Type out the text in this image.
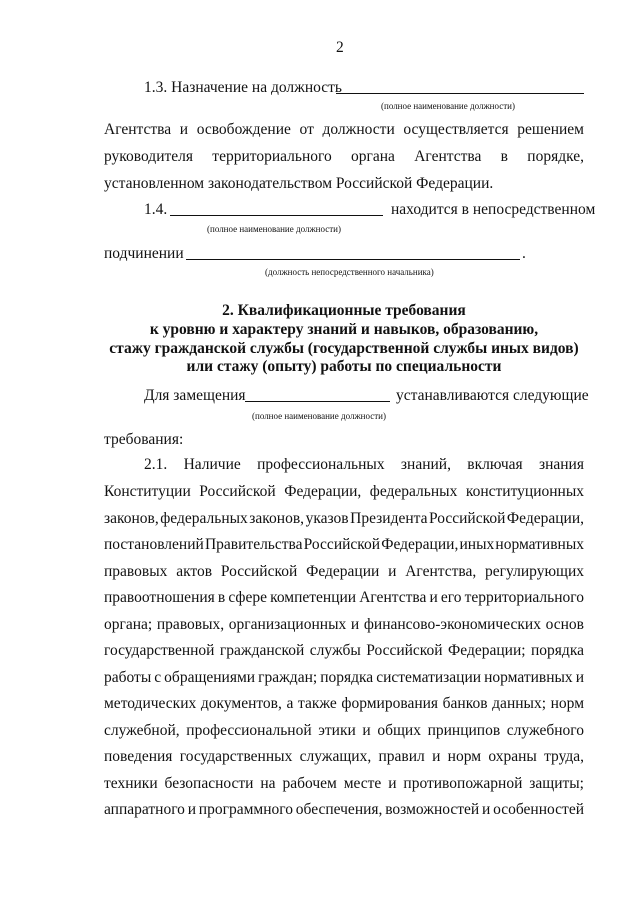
2
1.3. Назначение на должность
(полное наименование должности)
Агентства и освобождение от должности осуществляется решением
руководителя территориального органа Агентства в порядке,
установленном законодательством Российской Федерации.
1.4.	находится в непосредственном
(полное наименование должности)
подчинении	.
(должность непосредственного начальника)
2. Квалификационные требования
к уровню и характеру знаний и навыков, образованию,
стажу гражданской службы (государственной службы иных видов)
или стажу (опыту) работы по специальности
Для замещения	устанавливаются следующие
(полное наименование должности)
требования:
2.1. Наличие профессиональных знаний, включая знания
Конституции Российской Федерации, федеральных конституционных
законов, федеральных законов, указов Президента Российской Федерации,
постановлений Правительства Российской Федерации, иных нормативных
правовых актов Российской Федерации и Агентства, регулирующих
правоотношения в сфере компетенции Агентства и его территориального
органа; правовых, организационных и финансово-экономических основ
государственной гражданской службы Российской Федерации; порядка
работы с обращениями граждан; порядка систематизации нормативных и
методических документов, а также формирования банков данных; норм
служебной, профессиональной этики и общих принципов служебного
поведения государственных служащих, правил и норм охраны труда,
техники безопасности на рабочем месте и противопожарной защиты;
аппаратного и программного обеспечения, возможностей и особенностей
